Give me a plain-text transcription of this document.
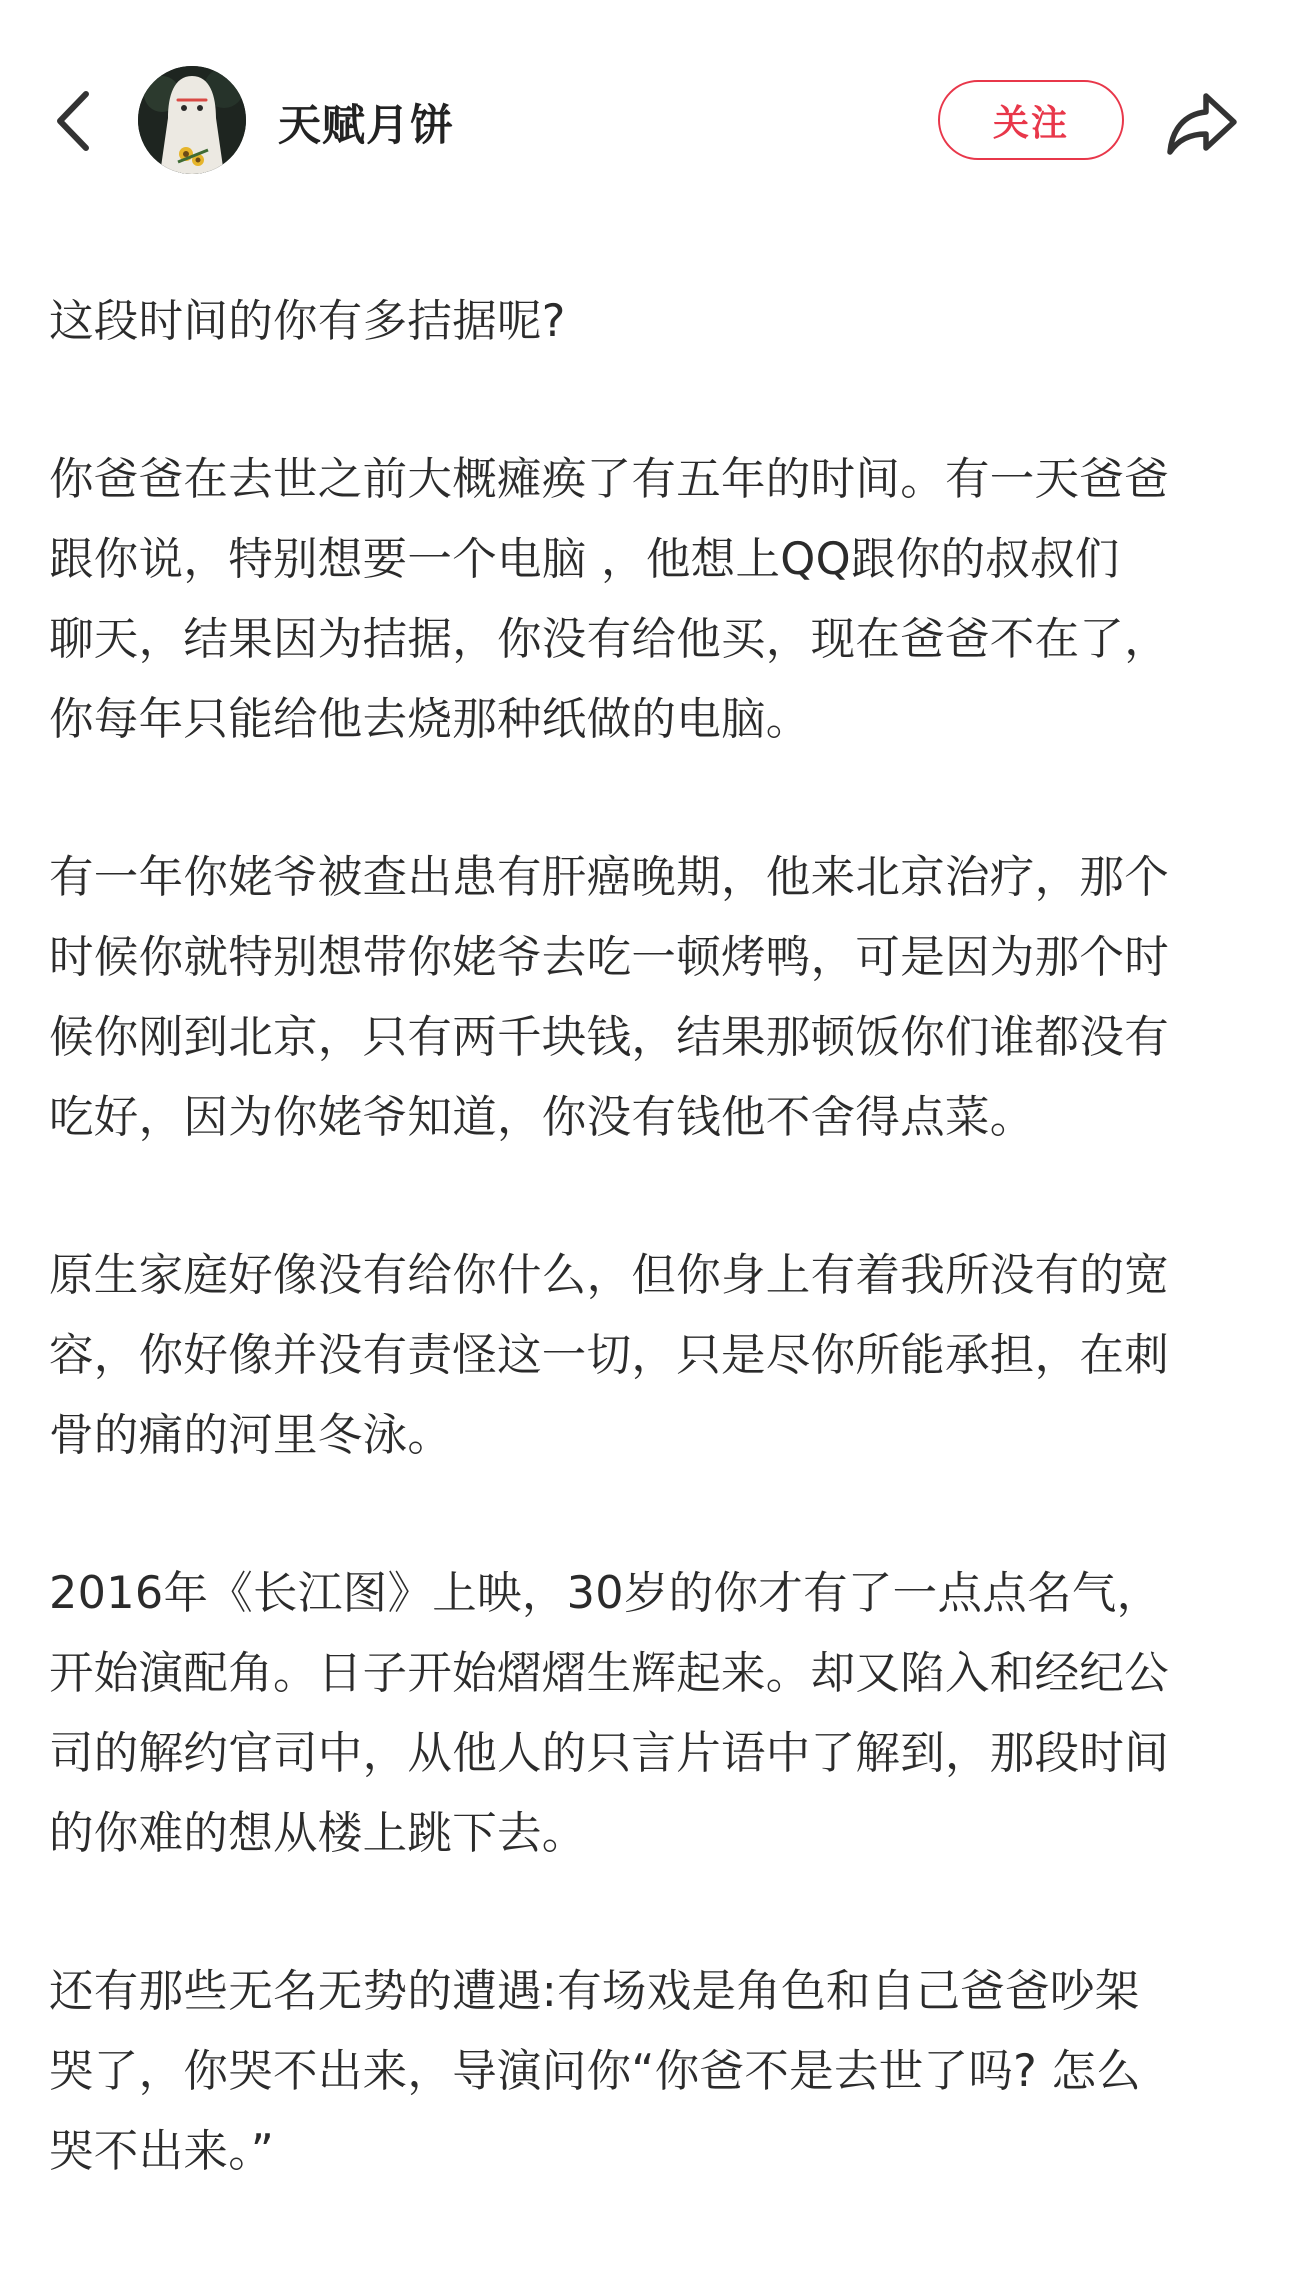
天赋月饼	关注

这段时间的你有多拮据呢?

你爸爸在去世之前大概瘫痪了有五年的时间。有一天爸爸
跟你说，特别想要一个电脑 ，他想上QQ跟你的叔叔们
聊天，结果因为拮据，你没有给他买，现在爸爸不在了，
你每年只能给他去烧那种纸做的电脑。

有一年你姥爷被查出患有肝癌晚期，他来北京治疗，那个
时候你就特别想带你姥爷去吃一顿烤鸭，可是因为那个时
候你刚到北京，只有两千块钱，结果那顿饭你们谁都没有
吃好，因为你姥爷知道，你没有钱他不舍得点菜。

原生家庭好像没有给你什么，但你身上有着我所没有的宽
容，你好像并没有责怪这一切，只是尽你所能承担，在刺
骨的痛的河里冬泳。

2016年《长江图》上映，30岁的你才有了一点点名气，
开始演配角。日子开始熠熠生辉起来。却又陷入和经纪公
司的解约官司中，从他人的只言片语中了解到，那段时间
的你难的想从楼上跳下去。

还有那些无名无势的遭遇:有场戏是角色和自己爸爸吵架
哭了，你哭不出来，导演问你“你爸不是去世了吗? 怎么
哭不出来。”
